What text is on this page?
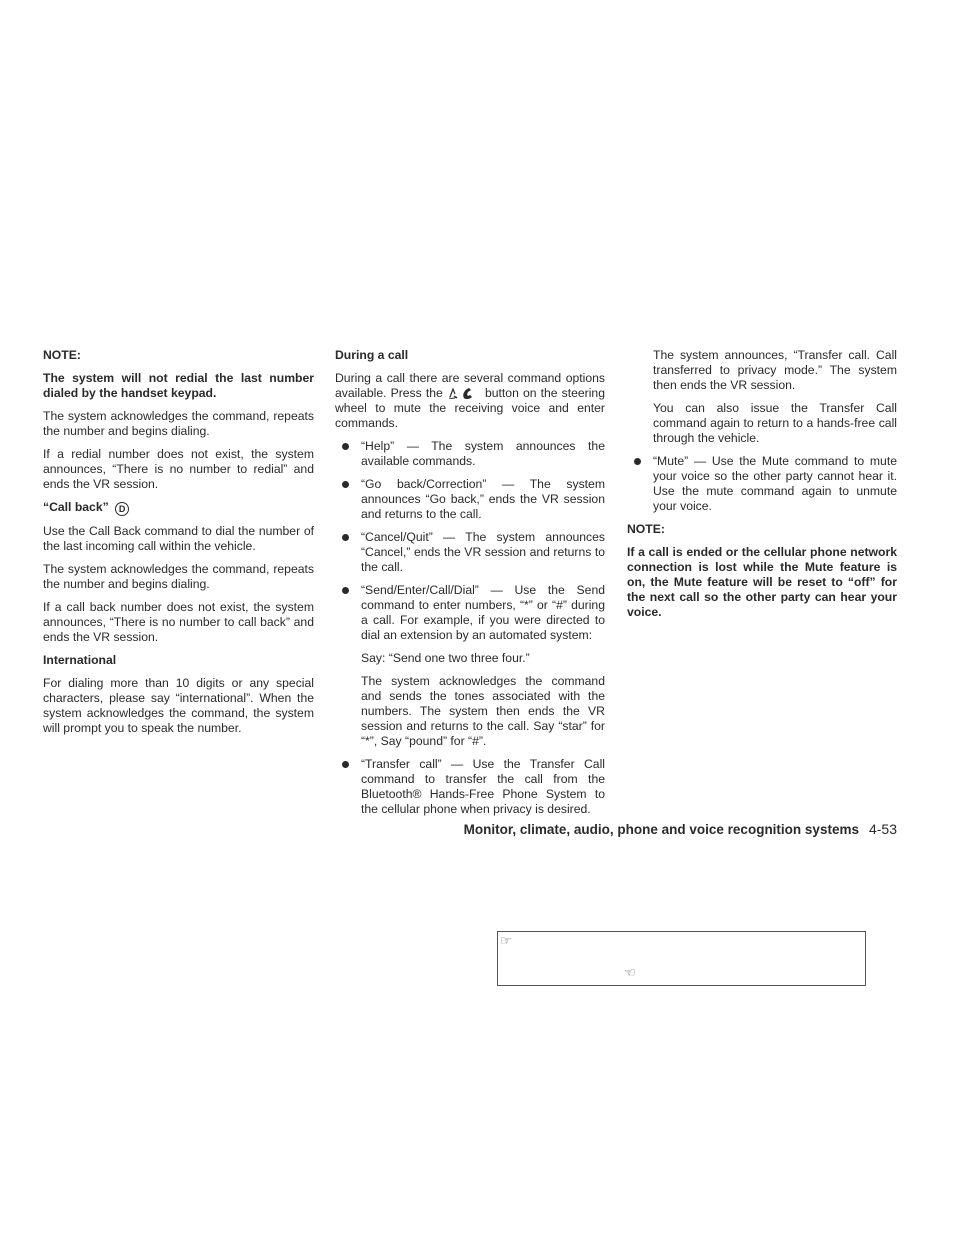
NOTE:

The system will not redial the last number dialed by the handset keypad.

The system acknowledges the command, repeats the number and begins dialing.

If a redial number does not exist, the system announces, “There is no number to redial” and ends the VR session.

“Call back” D

Use the Call Back command to dial the number of the last incoming call within the vehicle.

The system acknowledges the command, repeats the number and begins dialing.

If a call back number does not exist, the system announces, “There is no number to call back” and ends the VR session.

International

For dialing more than 10 digits or any special characters, please say “international”. When the system acknowledges the command, the system will prompt you to speak the number.

During a call

During a call there are several command options available. Press the	button on the steering wheel to mute the receiving voice and enter commands.

“Help” — The system announces the available commands.
“Go back/Correction” — The system announces “Go back,” ends the VR session and returns to the call.
“Cancel/Quit” — The system announces “Cancel,” ends the VR session and returns to the call.
“Send/Enter/Call/Dial” — Use the Send command to enter numbers, “*” or “#” during a call. For example, if you were directed to dial an extension by an automated system:

Say: “Send one two three four.”

The system acknowledges the command and sends the tones associated with the numbers. The system then ends the VR session and returns to the call. Say “star” for “*”, Say “pound” for “#”.

“Transfer call” — Use the Transfer Call command to transfer the call from the Bluetooth® Hands-Free Phone System to the cellular phone when privacy is desired.

The system announces, “Transfer call. Call transferred to privacy mode.” The system then ends the VR session.

You can also issue the Transfer Call command again to return to a hands-free call through the vehicle.

“Mute” — Use the Mute command to mute your voice so the other party cannot hear it. Use the mute command again to unmute your voice.
NOTE:

If a call is ended or the cellular phone network connection is lost while the Mute feature is on, the Mute feature will be reset to “off” for the next call so the other party can hear your voice.

Monitor, climate, audio, phone and voice recognition systems 4-53
☞
☜
